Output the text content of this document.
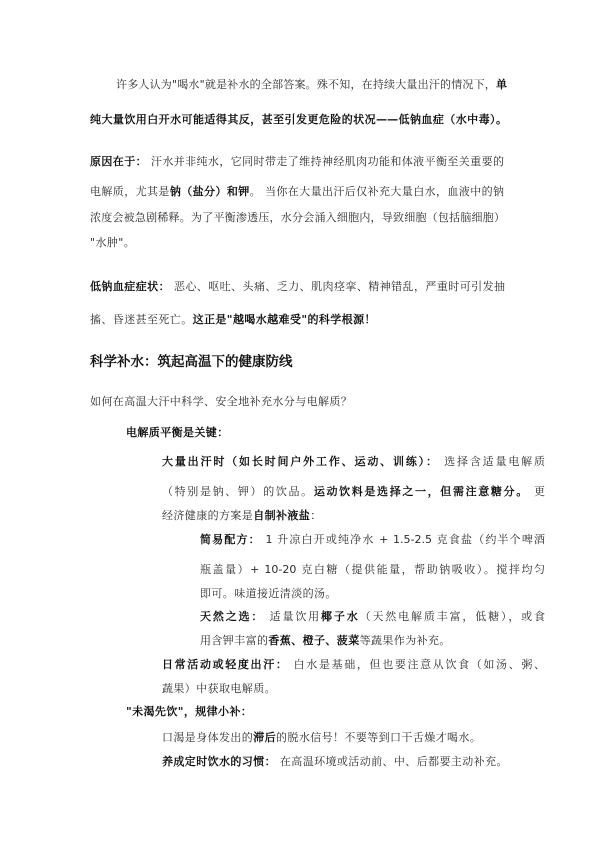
许多人认为"喝水"就是补水的全部答案。殊不知，在持续大量出汗的情况下，单
纯大量饮用白开水可能适得其反，甚至引发更危险的状况——低钠血症（水中毒）。
原因在于： 汗水并非纯水，它同时带走了维持神经肌肉功能和体液平衡至关重要的
电解质，尤其是钠（盐分）和钾。 当你在大量出汗后仅补充大量白水，血液中的钠
浓度会被急剧稀释。为了平衡渗透压，水分会涌入细胞内，导致细胞（包括脑细胞）
"水肿"。
低钠血症症状： 恶心、呕吐、头痛、乏力、肌肉痉挛、精神错乱，严重时可引发抽
搐、昏迷甚至死亡。这正是"越喝水越难受"的科学根源！
科学补水：筑起高温下的健康防线
如何在高温大汗中科学、安全地补充水分与电解质？
电解质平衡是关键：
大量出汗时（如长时间户外工作、运动、训练）： 选择含适量电解质
（特别是钠、钾）的饮品。运动饮料是选择之一，但需注意糖分。 更
经济健康的方案是自制补液盐：
简易配方： 1 升凉白开或纯净水 + 1.5-2.5 克食盐（约半个啤酒
瓶盖量）+ 10-20 克白糖（提供能量，帮助钠吸收）。搅拌均匀
即可。味道接近清淡的汤。
天然之选： 适量饮用椰子水（天然电解质丰富，低糖），或食
用含钾丰富的香蕉、橙子、菠菜等蔬果作为补充。
日常活动或轻度出汗： 白水是基础，但也要注意从饮食（如汤、粥、
蔬果）中获取电解质。
"未渴先饮"，规律小补：
口渴是身体发出的滞后的脱水信号！不要等到口干舌燥才喝水。
养成定时饮水的习惯： 在高温环境或活动前、中、后都要主动补充。
